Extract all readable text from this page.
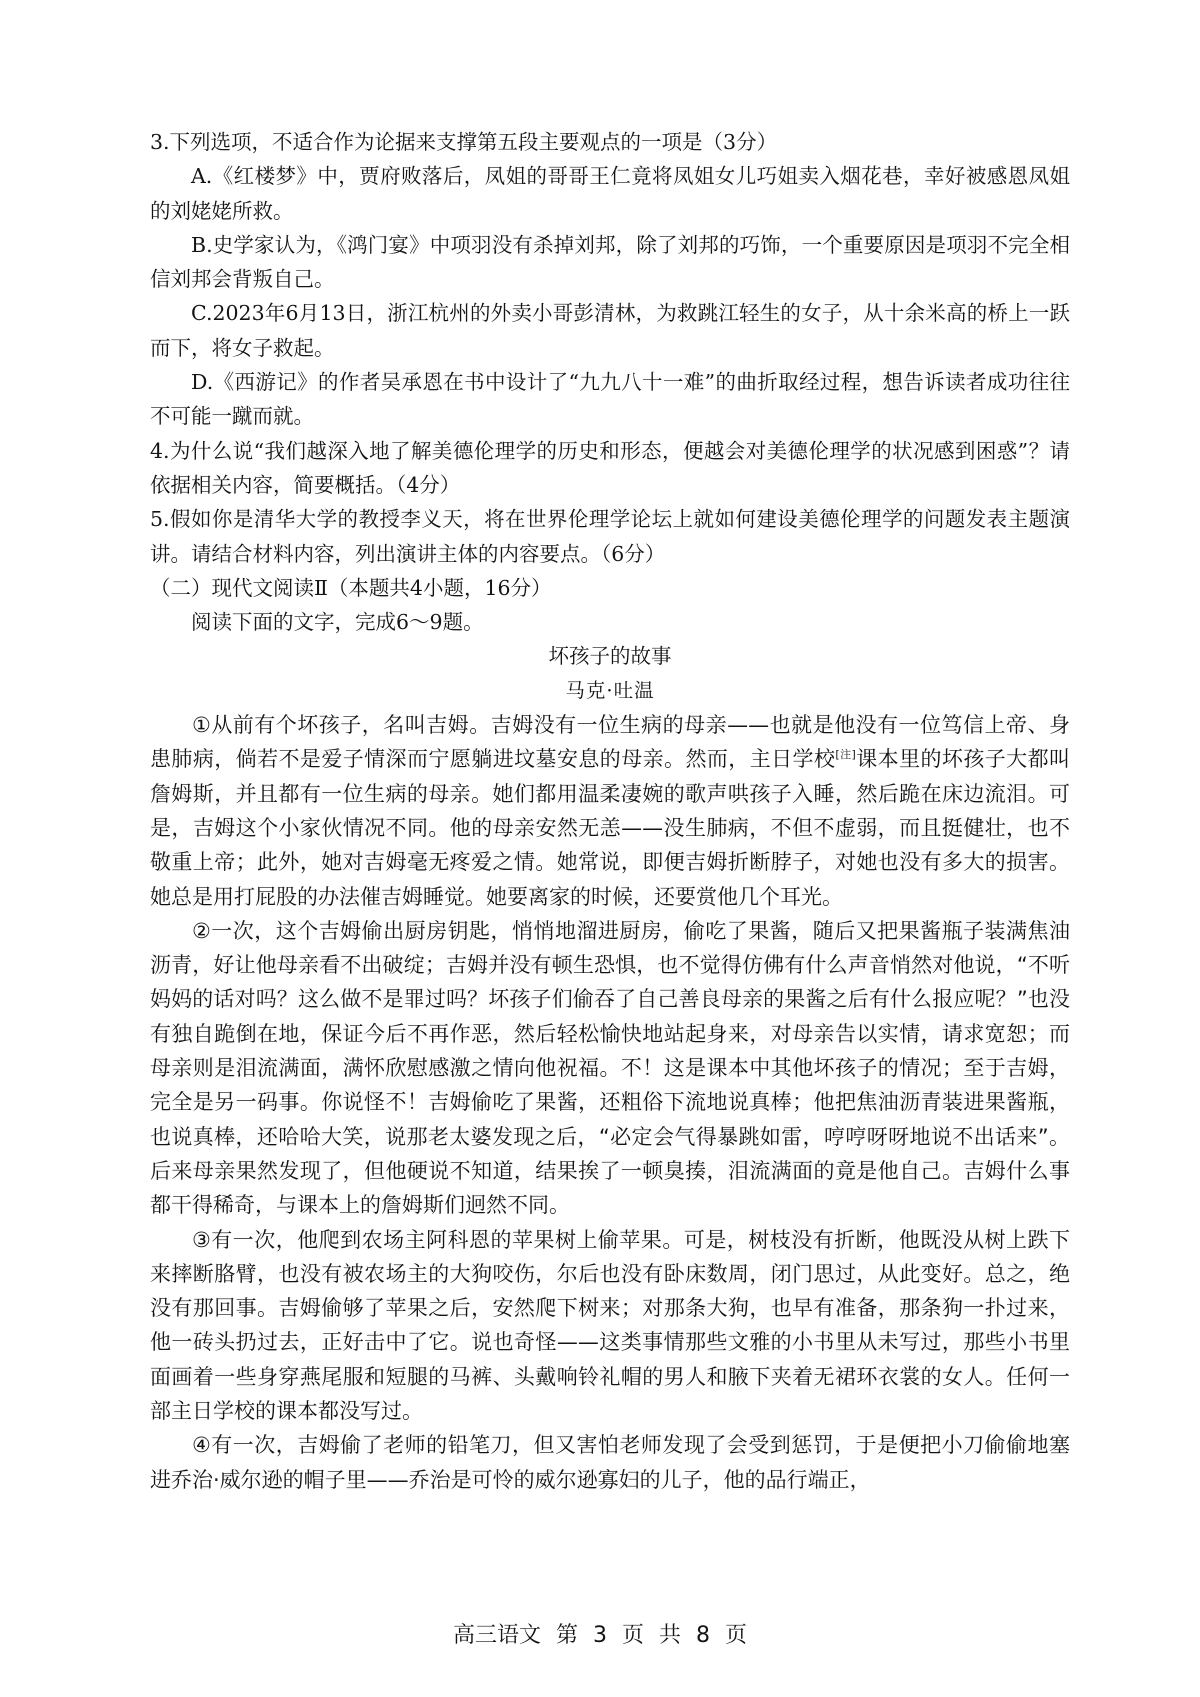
3.下列选项，不适合作为论据来支撑第五段主要观点的一项是（3分）

A.《红楼梦》中，贾府败落后，凤姐的哥哥王仁竟将凤姐女儿巧姐卖入烟花巷，幸好被感恩凤姐的刘姥姥所救。

B.史学家认为，《鸿门宴》中项羽没有杀掉刘邦，除了刘邦的巧饰，一个重要原因是项羽不完全相信刘邦会背叛自己。

C.2023年6月13日，浙江杭州的外卖小哥彭清林，为救跳江轻生的女子，从十余米高的桥上一跃而下，将女子救起。

D.《西游记》的作者吴承恩在书中设计了“九九八十一难”的曲折取经过程，想告诉读者成功往往不可能一蹴而就。

4.为什么说“我们越深入地了解美德伦理学的历史和形态，便越会对美德伦理学的状况感到困惑”？请依据相关内容，简要概括。（4分）

5.假如你是清华大学的教授李义天，将在世界伦理学论坛上就如何建设美德伦理学的问题发表主题演讲。请结合材料内容，列出演讲主体的内容要点。（6分）

（二）现代文阅读Ⅱ（本题共4小题，16分）

阅读下面的文字，完成6～9题。

坏孩子的故事

马克·吐温

①从前有个坏孩子，名叫吉姆。吉姆没有一位生病的母亲——也就是他没有一位笃信上帝、身患肺病，倘若不是爱子情深而宁愿躺进坟墓安息的母亲。然而，主日学校[注]课本里的坏孩子大都叫詹姆斯，并且都有一位生病的母亲。她们都用温柔凄婉的歌声哄孩子入睡，然后跪在床边流泪。可是，吉姆这个小家伙情况不同。他的母亲安然无恙——没生肺病，不但不虚弱，而且挺健壮，也不敬重上帝；此外，她对吉姆毫无疼爱之情。她常说，即便吉姆折断脖子，对她也没有多大的损害。她总是用打屁股的办法催吉姆睡觉。她要离家的时候，还要赏他几个耳光。

②一次，这个吉姆偷出厨房钥匙，悄悄地溜进厨房，偷吃了果酱，随后又把果酱瓶子装满焦油沥青，好让他母亲看不出破绽；吉姆并没有顿生恐惧，也不觉得仿佛有什么声音悄然对他说，“不听妈妈的话对吗？这么做不是罪过吗？坏孩子们偷吞了自己善良母亲的果酱之后有什么报应呢？”也没有独自跪倒在地，保证今后不再作恶，然后轻松愉快地站起身来，对母亲告以实情，请求宽恕；而母亲则是泪流满面，满怀欣慰感激之情向他祝福。不！这是课本中其他坏孩子的情况；至于吉姆，完全是另一码事。你说怪不！吉姆偷吃了果酱，还粗俗下流地说真棒；他把焦油沥青装进果酱瓶，也说真棒，还哈哈大笑，说那老太婆发现之后，“必定会气得暴跳如雷，哼哼呀呀地说不出话来”。后来母亲果然发现了，但他硬说不知道，结果挨了一顿臭揍，泪流满面的竟是他自己。吉姆什么事都干得稀奇，与课本上的詹姆斯们迥然不同。

③有一次，他爬到农场主阿科恩的苹果树上偷苹果。可是，树枝没有折断，他既没从树上跌下来摔断胳臂，也没有被农场主的大狗咬伤，尔后也没有卧床数周，闭门思过，从此变好。总之，绝没有那回事。吉姆偷够了苹果之后，安然爬下树来；对那条大狗，也早有准备，那条狗一扑过来，他一砖头扔过去，正好击中了它。说也奇怪——这类事情那些文雅的小书里从未写过，那些小书里面画着一些身穿燕尾服和短腿的马裤、头戴响铃礼帽的男人和腋下夹着无裙环衣裳的女人。任何一部主日学校的课本都没写过。

④有一次，吉姆偷了老师的铅笔刀，但又害怕老师发现了会受到惩罚，于是便把小刀偷偷地塞进乔治·威尔逊的帽子里——乔治是可怜的威尔逊寡妇的儿子，他的品行端正，

高三语文 第 3 页 共 8 页
